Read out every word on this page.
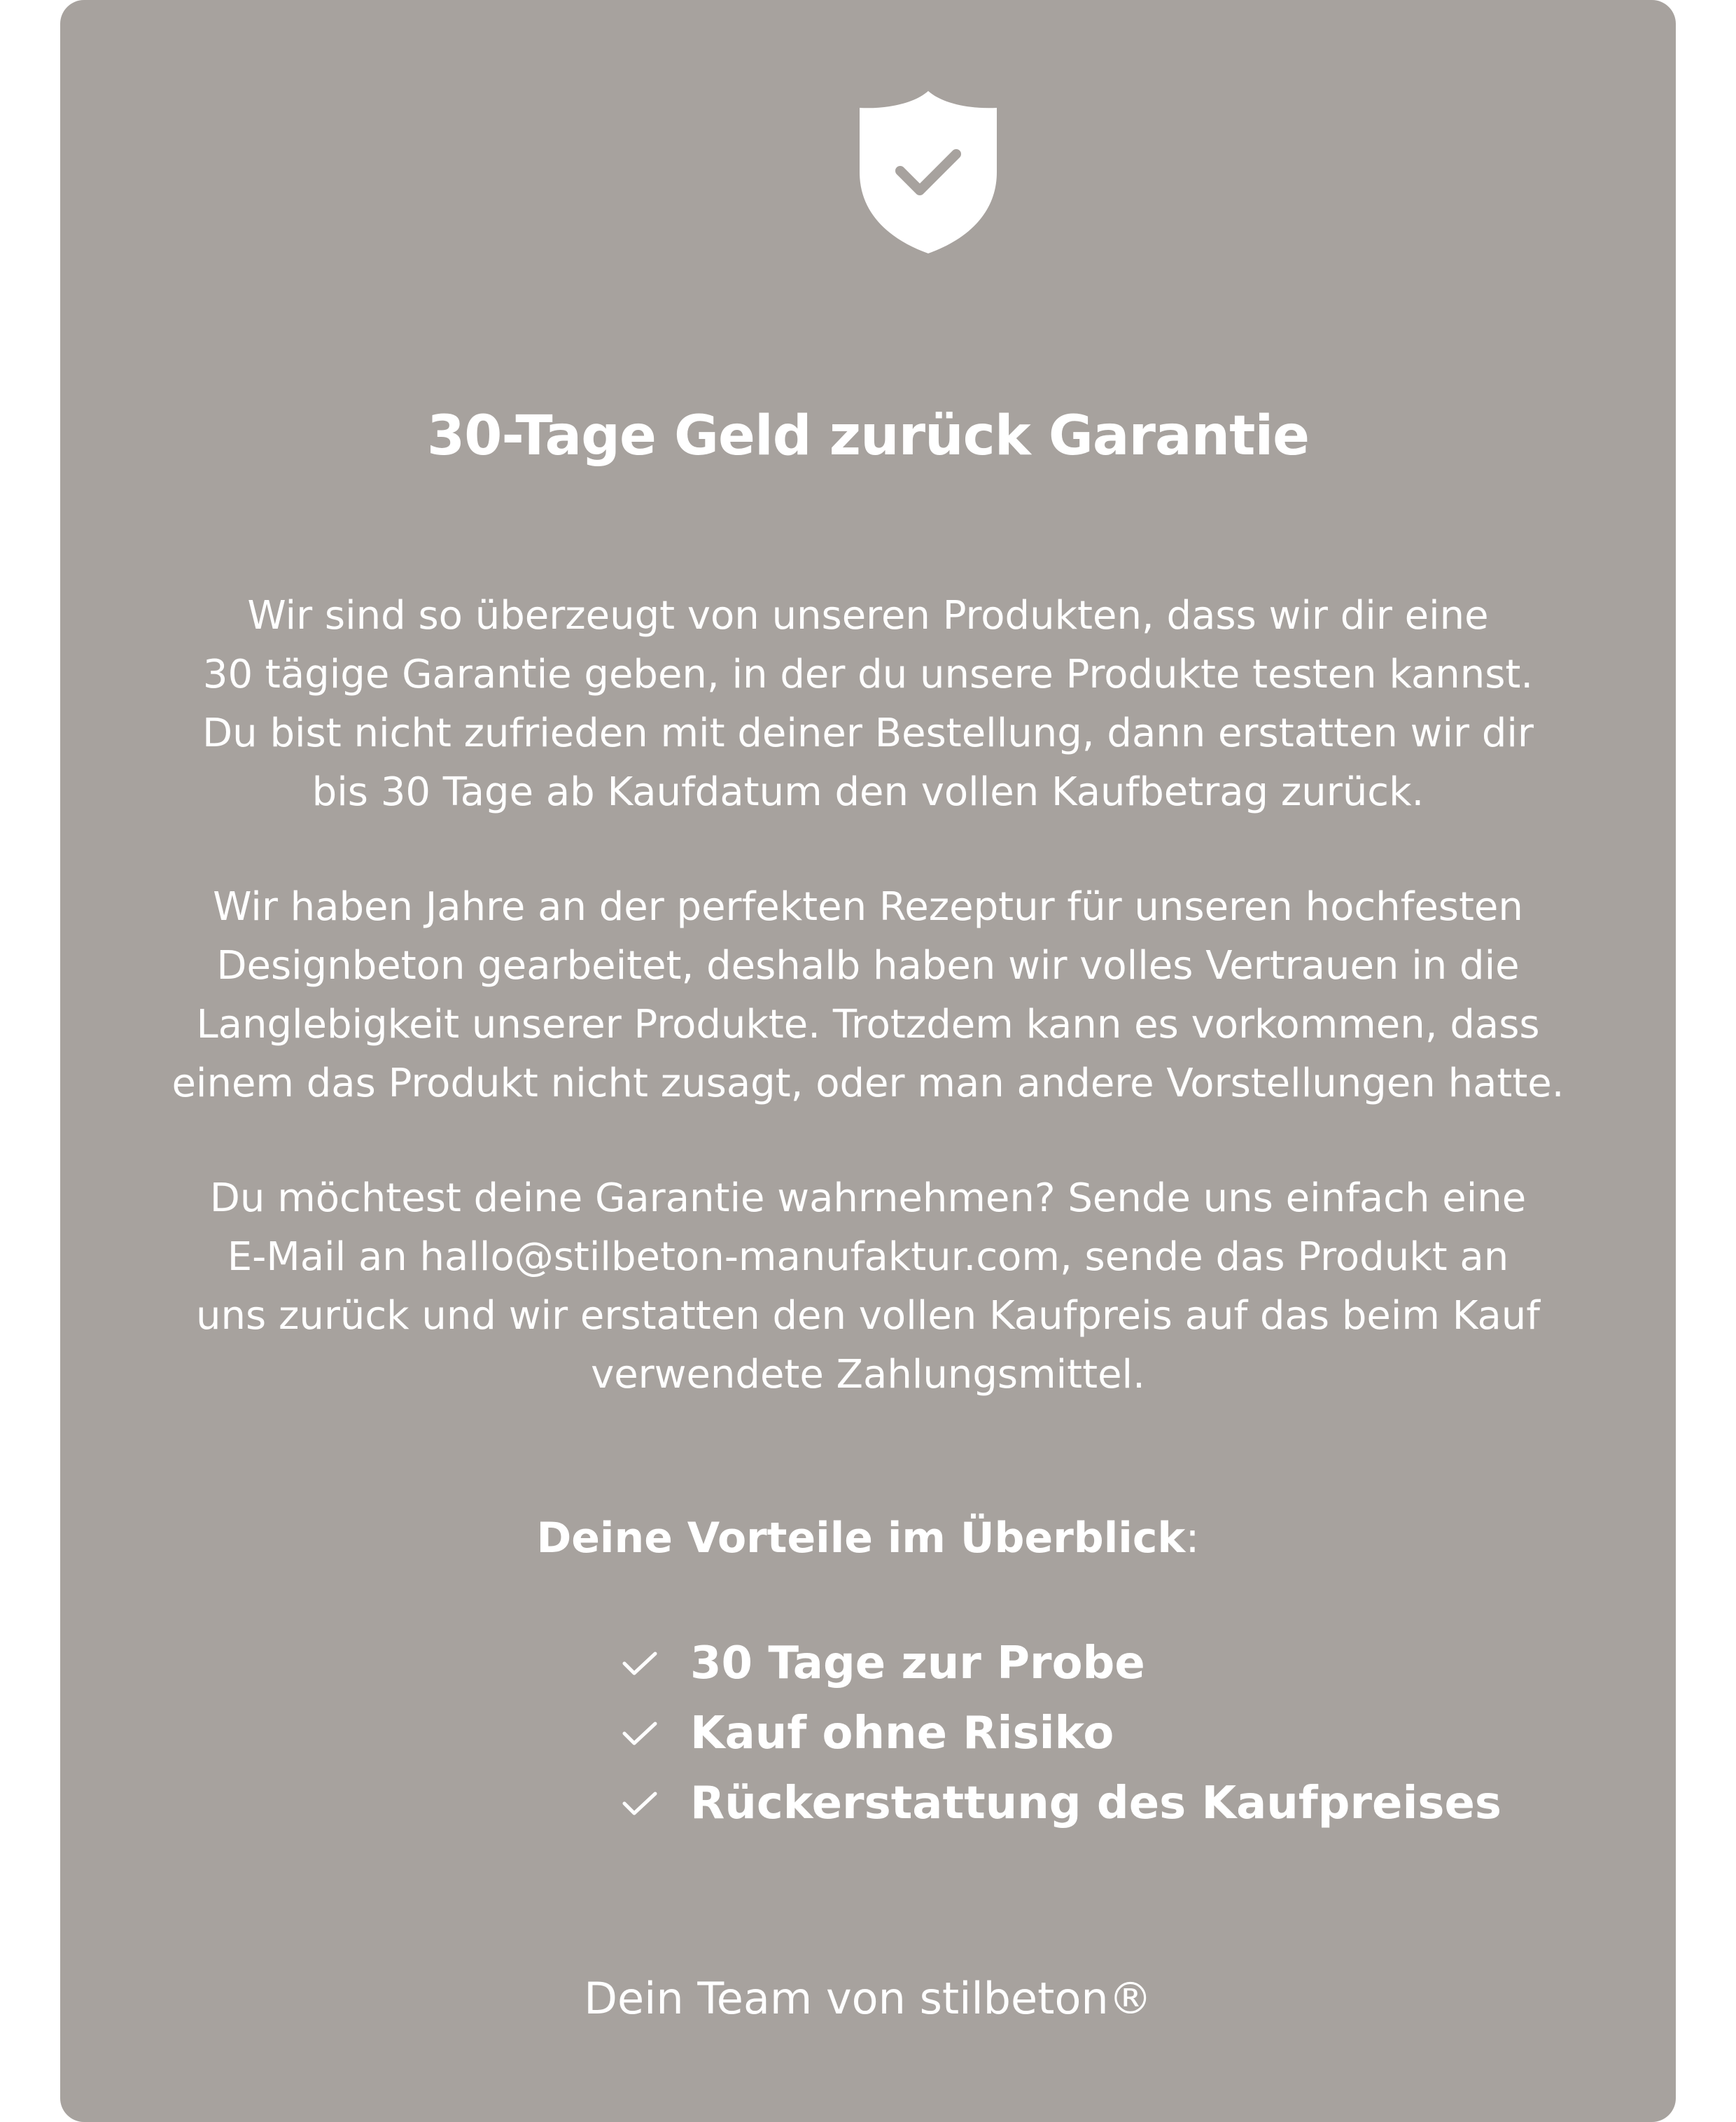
30-Tage Geld zurück Garantie

Wir sind so überzeugt von unseren Produkten, dass wir dir eine
30 tägige Garantie geben, in der du unsere Produkte testen kannst.
Du bist nicht zufrieden mit deiner Bestellung, dann erstatten wir dir
bis 30 Tage ab Kaufdatum den vollen Kaufbetrag zurück.

Wir haben Jahre an der perfekten Rezeptur für unseren hochfesten
Designbeton gearbeitet, deshalb haben wir volles Vertrauen in die
Langlebigkeit unserer Produkte. Trotzdem kann es vorkommen, dass
einem das Produkt nicht zusagt, oder man andere Vorstellungen hatte.

Du möchtest deine Garantie wahrnehmen? Sende uns einfach eine
E-Mail an hallo@stilbeton-manufaktur.com, sende das Produkt an
uns zurück und wir erstatten den vollen Kaufpreis auf das beim Kauf
verwendete Zahlungsmittel.

Deine Vorteile im Überblick:
30 Tage zur Probe
Kauf ohne Risiko
Rückerstattung des Kaufpreises

Dein Team von stilbeton®
